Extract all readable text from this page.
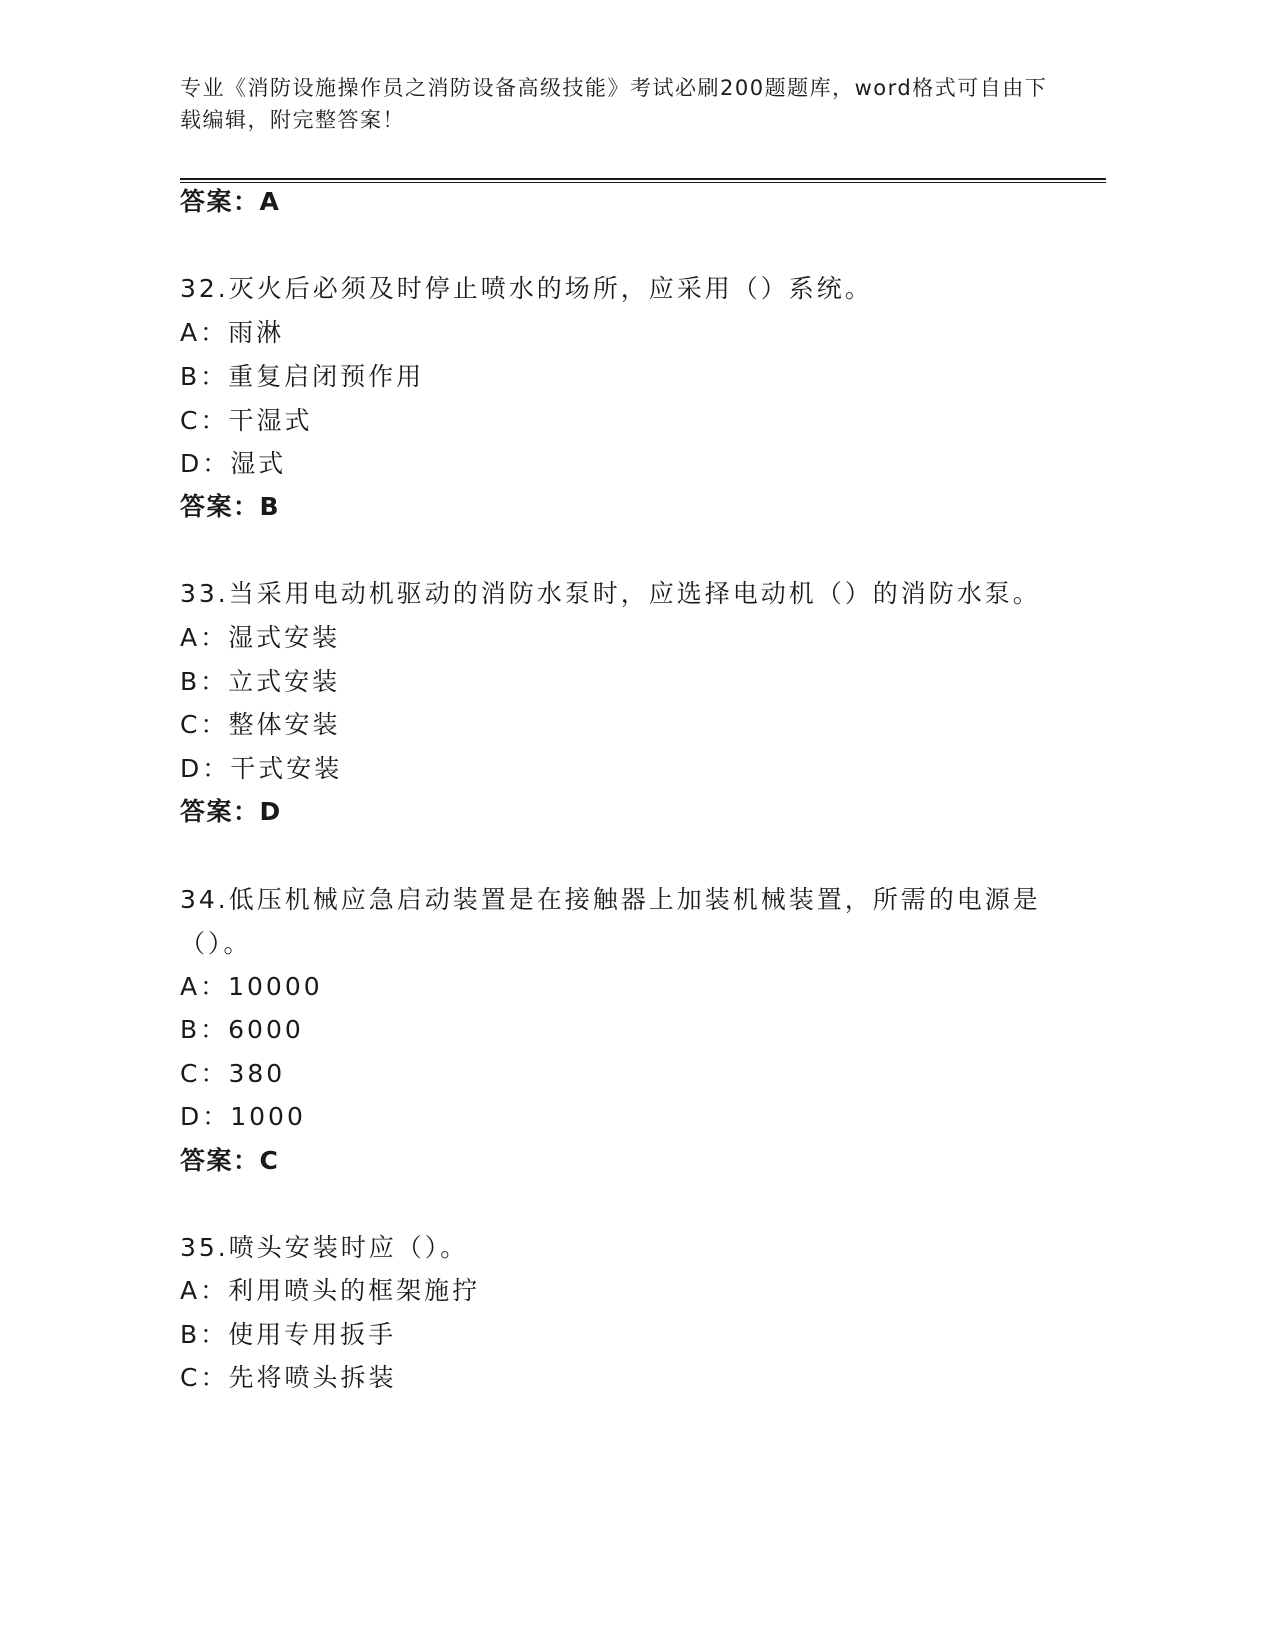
专业《消防设施操作员之消防设备高级技能》考试必刷200题题库，word格式可自由下载编辑，附完整答案！
答案：A
32.灭火后必须及时停止喷水的场所，应采用（）系统。
A：雨淋
B：重复启闭预作用
C：干湿式
D：湿式
答案：B
33.当采用电动机驱动的消防水泵时，应选择电动机（）的消防水泵。
A：湿式安装
B：立式安装
C：整体安装
D：干式安装
答案：D
34.低压机械应急启动装置是在接触器上加装机械装置，所需的电源是（）。
A：10000
B：6000
C：380
D：1000
答案：C
35.喷头安装时应（）。
A：利用喷头的框架施拧
B：使用专用扳手
C：先将喷头拆装
